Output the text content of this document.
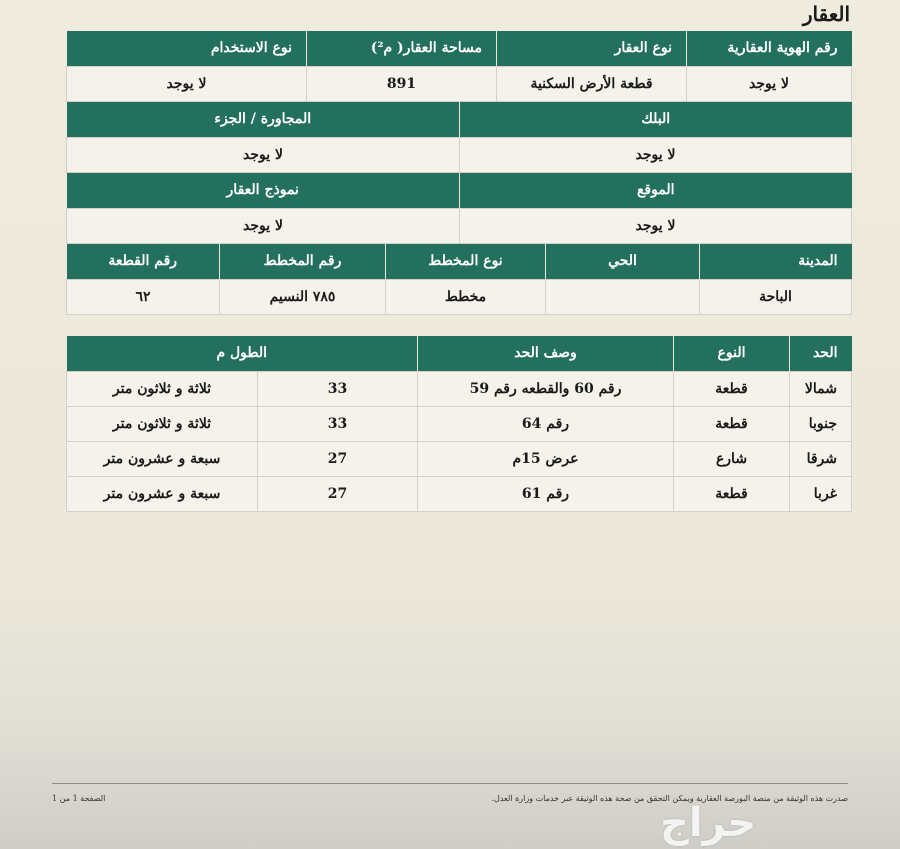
العقار
رقم الهوية العقارية	نوع العقار	مساحة العقار( م²)	نوع الاستخدام
لا يوجد	قطعة الأرض السكنية	891	لا يوجد
البلك	المجاورة / الجزء
لا يوجد	لا يوجد
الموقع	نموذج العقار
لا يوجد	لا يوجد
المدينة	الحي	نوع المخطط	رقم المخطط	رقم القطعة
الباحة		مخطط	٧٨٥ النسيم	٦٢
الحد	النوع	وصف الحد	الطول م	
شمالا	قطعة	رقم 60 والقطعه رقم 59	33	ثلاثة و ثلاثون متر
جنوبا	قطعة	رقم 64	33	ثلاثة و ثلاثون متر
شرقا	شارع	عرض 15م	27	سبعة و عشرون متر
غربا	قطعة	رقم 61	27	سبعة و عشرون متر
صدرت هذه الوثيقة من منصة البورصة العقارية ويمكن التحقق من صحة هذه الوثيقة عبر خدمات وزارة العدل.
الصفحة 1 من 1
حراج
